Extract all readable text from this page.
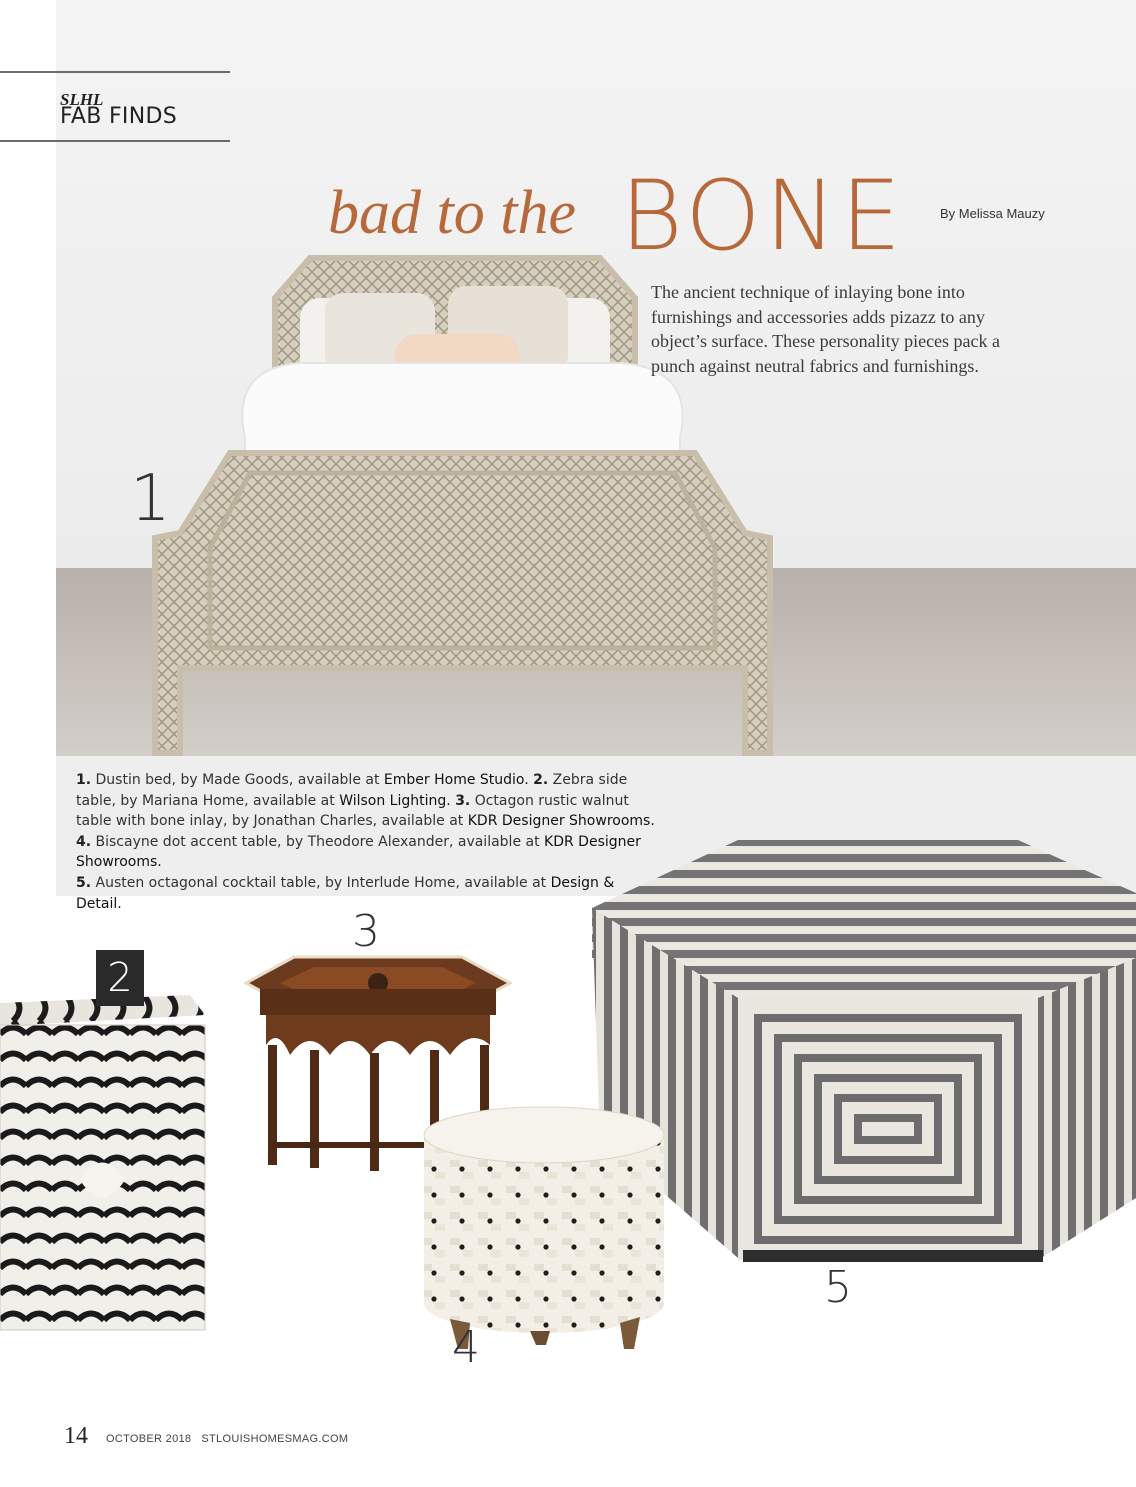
SLHL
FAB FINDS
bad to the BONE	By Melissa Mauzy
The ancient technique of inlaying bone into furnishings and accessories adds pizazz to any object’s surface. These personality pieces pack a punch against neutral fabrics and furnishings.
1
1. Dustin bed, by Made Goods, available at Ember Home Studio. 2. Zebra side table, by Mariana Home, available at Wilson Lighting. 3. Octagon rustic walnut table with bone inlay, by Jonathan Charles, available at KDR Designer Showrooms. 4. Biscayne dot accent table, by Theodore Alexander, available at KDR Designer Showrooms.
5. Austen octagonal cocktail table, by Interlude Home, available at Design & Detail.
2
3
5
4
14 OCTOBER 2018 STLOUISHOMESMAG.COM
